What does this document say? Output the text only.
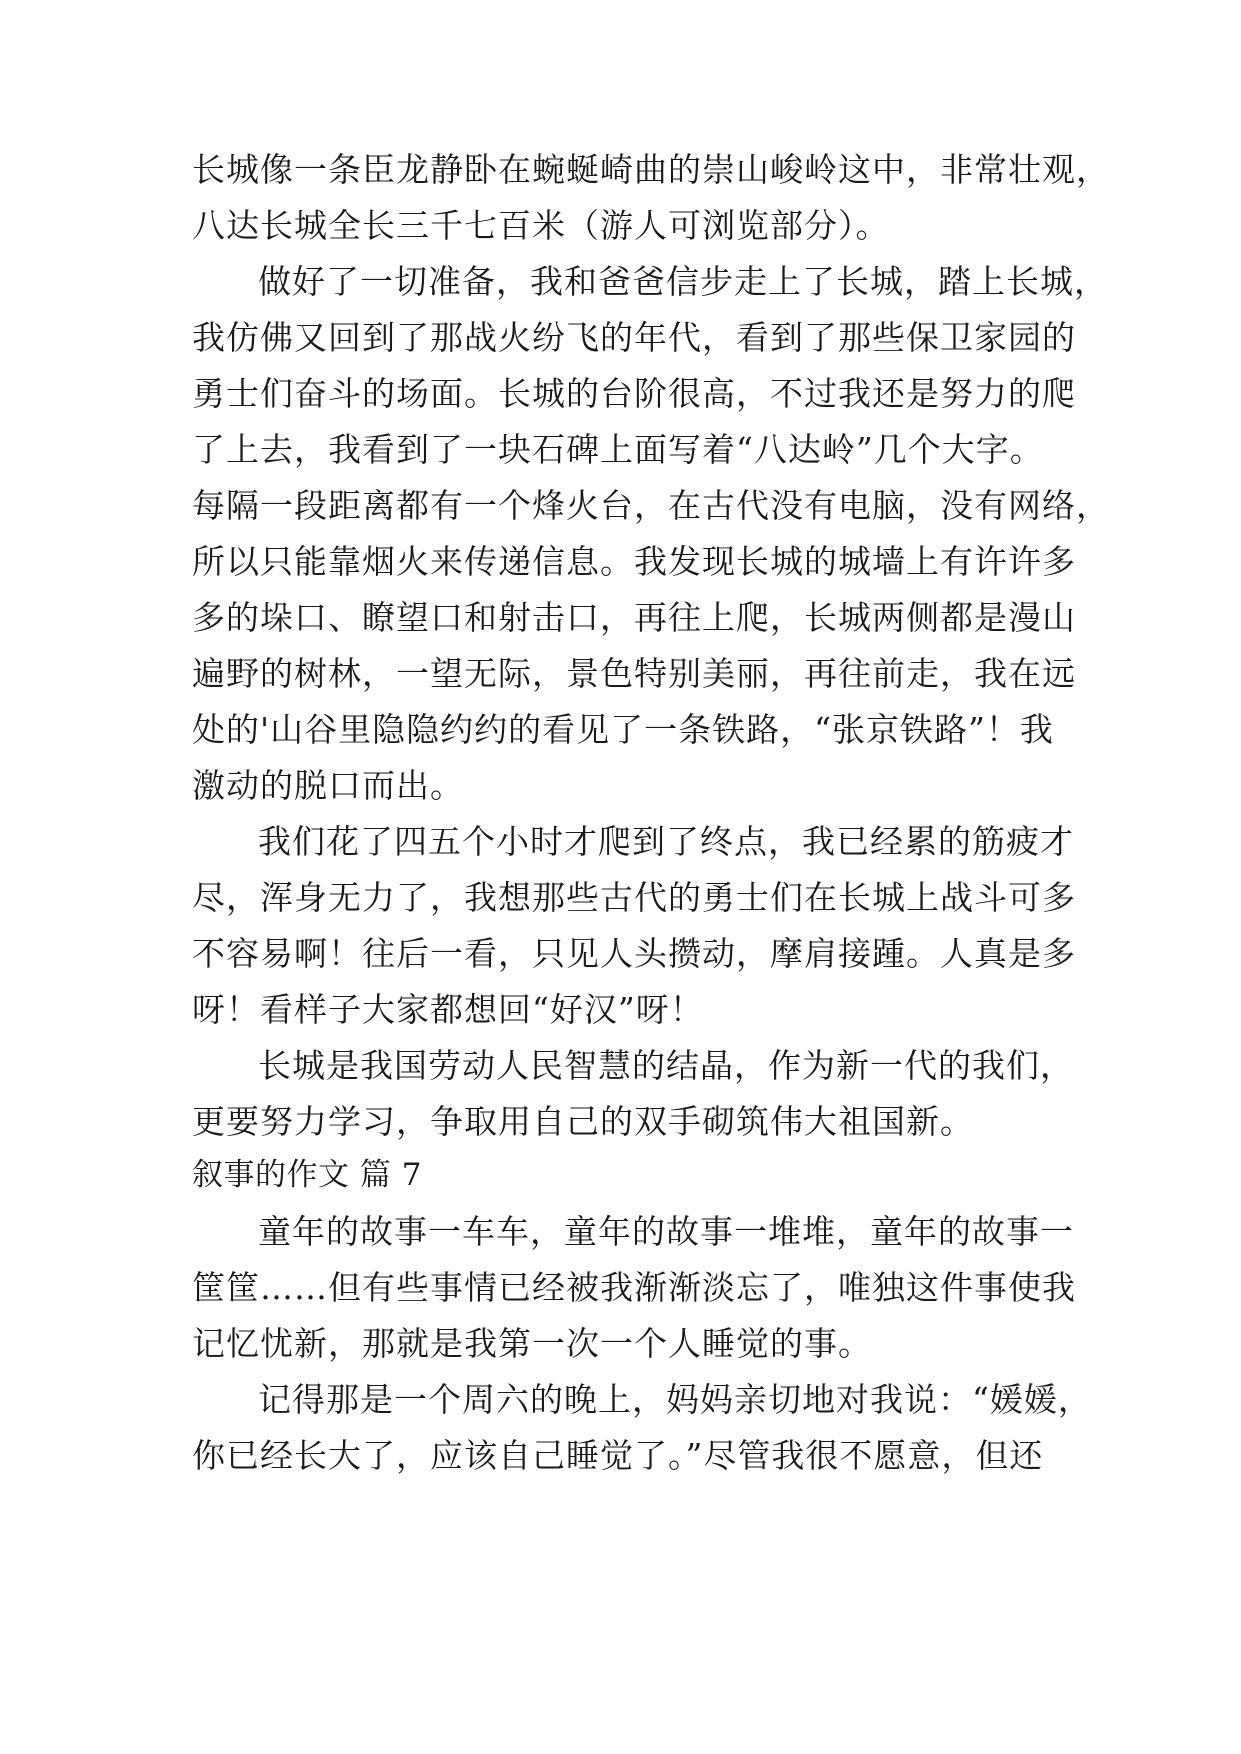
长城像一条臣龙静卧在蜿蜒崎曲的崇山峻岭这中，非常壮观，
八达长城全长三千七百米（游人可浏览部分）。
做好了一切准备，我和爸爸信步走上了长城，踏上长城，
我仿佛又回到了那战火纷飞的年代，看到了那些保卫家园的
勇士们奋斗的场面。长城的台阶很高，不过我还是努力的爬
了上去，我看到了一块石碑上面写着“八达岭”几个大字。
每隔一段距离都有一个烽火台，在古代没有电脑，没有网络，
所以只能靠烟火来传递信息。我发现长城的城墙上有许许多
多的垛口、瞭望口和射击口，再往上爬，长城两侧都是漫山
遍野的树林，一望无际，景色特别美丽，再往前走，我在远
处的'山谷里隐隐约约的看见了一条铁路，“张京铁路”！我
激动的脱口而出。
我们花了四五个小时才爬到了终点，我已经累的筋疲才
尽，浑身无力了，我想那些古代的勇士们在长城上战斗可多
不容易啊！往后一看，只见人头攒动，摩肩接踵。人真是多
呀！看样子大家都想回“好汉”呀！
长城是我国劳动人民智慧的结晶，作为新一代的我们，
更要努力学习，争取用自己的双手砌筑伟大祖国新。
叙事的作文 篇 7
童年的故事一车车，童年的故事一堆堆，童年的故事一
筐筐……但有些事情已经被我渐渐淡忘了，唯独这件事使我
记忆忧新，那就是我第一次一个人睡觉的事。
记得那是一个周六的晚上，妈妈亲切地对我说：“媛媛，
你已经长大了，应该自己睡觉了。”尽管我很不愿意，但还
